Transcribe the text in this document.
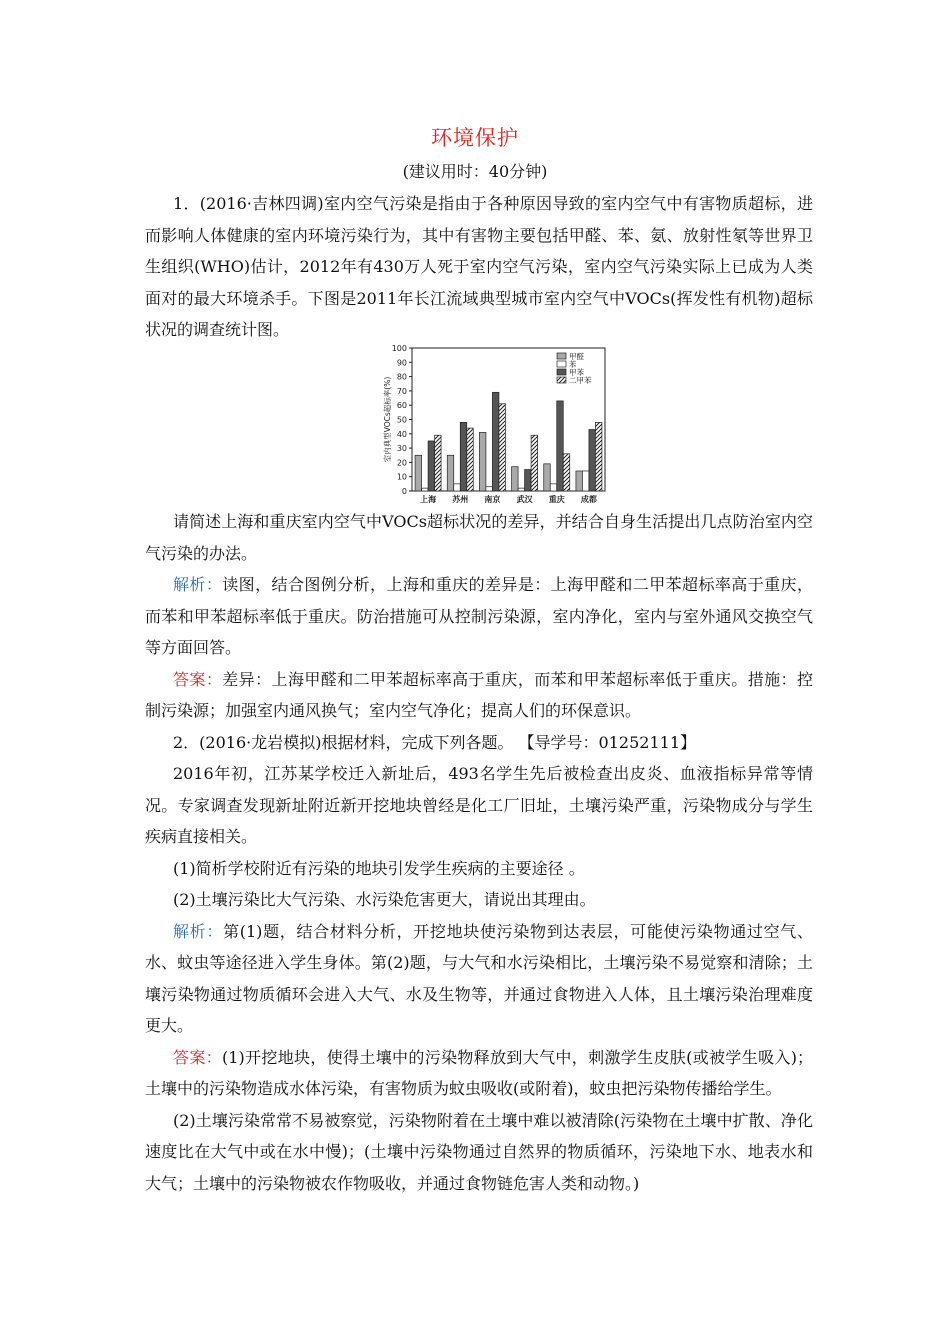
环境保护
(建议用时：40分钟)

1．(2016·吉林四调)室内空气污染是指由于各种原因导致的室内空气中有害物质超标，进而影响人体健康的室内环境污染行为，其中有害物主要包括甲醛、苯、氨、放射性氡等世界卫生组织(WHO)估计，2012年有430万人死于室内空气污染，室内空气污染实际上已成为人类面对的最大环境杀手。下图是2011年长江流域典型城市室内空气中VOCs(挥发性有机物)超标状况的调查统计图。

0
10
20
30
40
50
60
70
80
90
100
室内典型VOCs超标率(%)
上海 苏州 南京 武汉 重庆 成都
甲醛
苯
甲苯
二甲苯

请简述上海和重庆室内空气中VOCs超标状况的差异，并结合自身生活提出几点防治室内空气污染的办法。

解析：读图，结合图例分析，上海和重庆的差异是：上海甲醛和二甲苯超标率高于重庆，而苯和甲苯超标率低于重庆。防治措施可从控制污染源，室内净化，室内与室外通风交换空气等方面回答。

答案：差异：上海甲醛和二甲苯超标率高于重庆，而苯和甲苯超标率低于重庆。措施：控制污染源；加强室内通风换气；室内空气净化；提高人们的环保意识。

2．(2016·龙岩模拟)根据材料，完成下列各题。 【导学号：01252111】

2016年初，江苏某学校迁入新址后，493名学生先后被检查出皮炎、血液指标异常等情况。专家调查发现新址附近新开挖地块曾经是化工厂旧址，土壤污染严重，污染物成分与学生疾病直接相关。

(1)简析学校附近有污染的地块引发学生疾病的主要途径 。

(2)土壤污染比大气污染、水污染危害更大，请说出其理由。

解析：第(1)题，结合材料分析，开挖地块使污染物到达表层，可能使污染物通过空气、水、蚊虫等途径进入学生身体。第(2)题，与大气和水污染相比，土壤污染不易觉察和清除；土壤污染物通过物质循环会进入大气、水及生物等，并通过食物进入人体，且土壤污染治理难度更大。

答案：(1)开挖地块，使得土壤中的污染物释放到大气中，刺激学生皮肤(或被学生吸入)；土壤中的污染物造成水体污染，有害物质为蚊虫吸收(或附着)，蚊虫把污染物传播给学生。

(2)土壤污染常常不易被察觉，污染物附着在土壤中难以被清除(污染物在土壤中扩散、净化速度比在大气中或在水中慢)；(土壤中污染物通过自然界的物质循环，污染地下水、地表水和大气；土壤中的污染物被农作物吸收，并通过食物链危害人类和动物。)
